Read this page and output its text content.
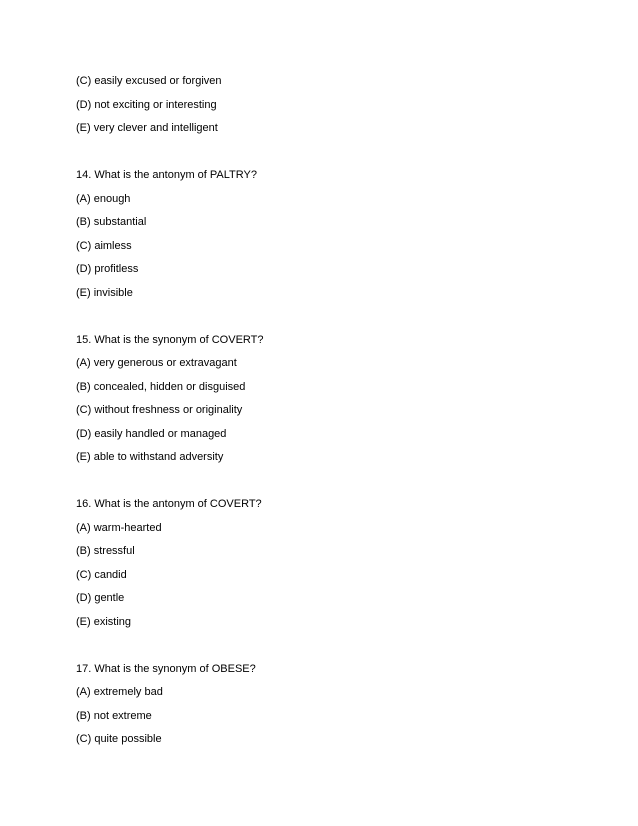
(C) easily excused or forgiven
(D) not exciting or interesting
(E) very clever and intelligent
14. What is the antonym of PALTRY?
(A) enough
(B) substantial
(C) aimless
(D) profitless
(E) invisible
15. What is the synonym of COVERT?
(A) very generous or extravagant
(B) concealed, hidden or disguised
(C) without freshness or originality
(D) easily handled or managed
(E) able to withstand adversity
16. What is the antonym of COVERT?
(A) warm-hearted
(B) stressful
(C) candid
(D) gentle
(E) existing
17. What is the synonym of OBESE?
(A) extremely bad
(B) not extreme
(C) quite possible
